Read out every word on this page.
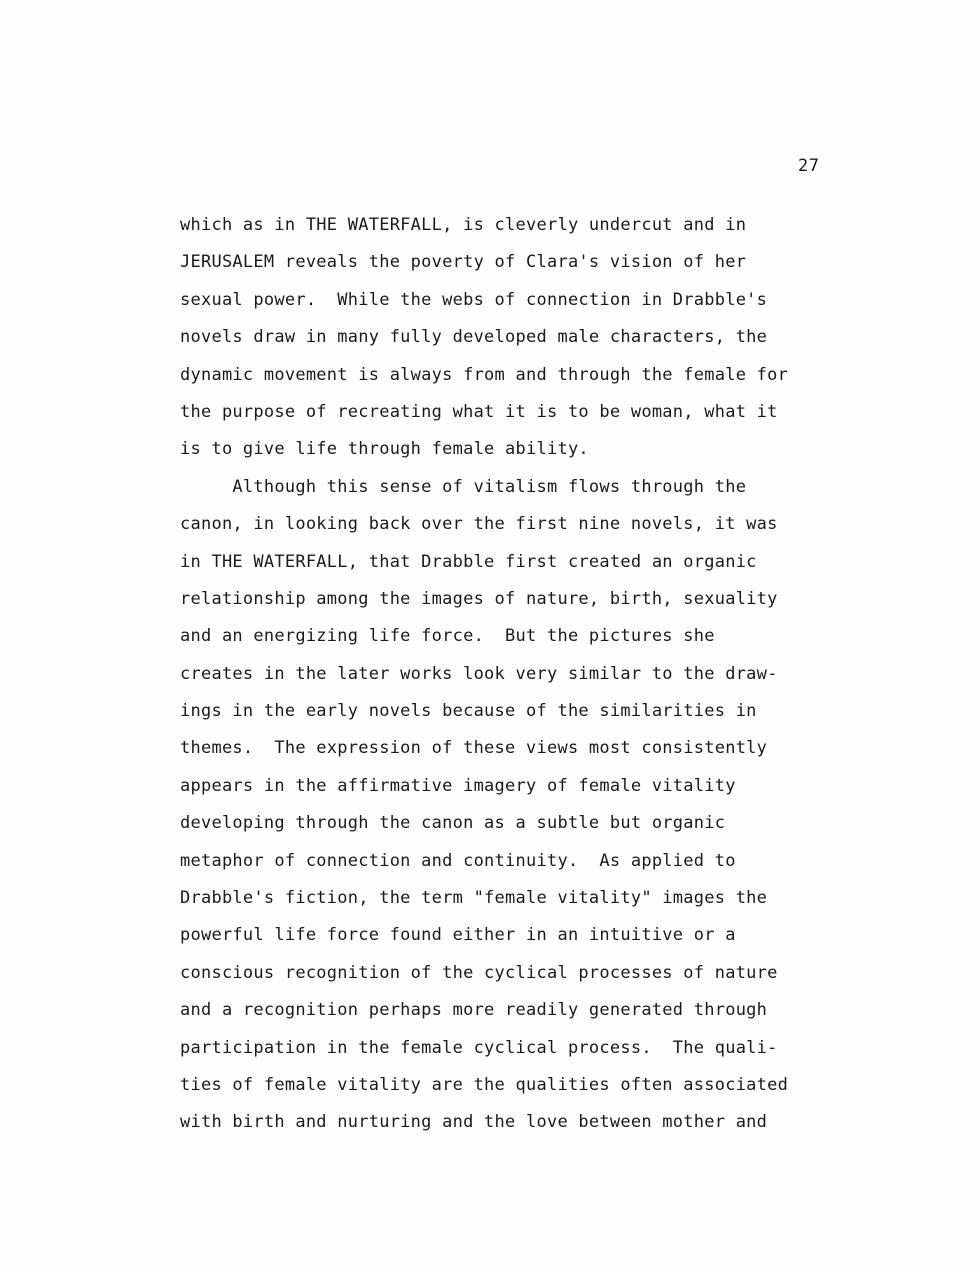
27
which as in THE WATERFALL, is cleverly undercut and in
JERUSALEM reveals the poverty of Clara's vision of her
sexual power.  While the webs of connection in Drabble's
novels draw in many fully developed male characters, the
dynamic movement is always from and through the female for
the purpose of recreating what it is to be woman, what it
is to give life through female ability.
Although this sense of vitalism flows through the
canon, in looking back over the first nine novels, it was
in THE WATERFALL, that Drabble first created an organic
relationship among the images of nature, birth, sexuality
and an energizing life force.  But the pictures she
creates in the later works look very similar to the draw-
ings in the early novels because of the similarities in
themes.  The expression of these views most consistently
appears in the affirmative imagery of female vitality
developing through the canon as a subtle but organic
metaphor of connection and continuity.  As applied to
Drabble's fiction, the term "female vitality" images the
powerful life force found either in an intuitive or a
conscious recognition of the cyclical processes of nature
and a recognition perhaps more readily generated through
participation in the female cyclical process.  The quali-
ties of female vitality are the qualities often associated
with birth and nurturing and the love between mother and
